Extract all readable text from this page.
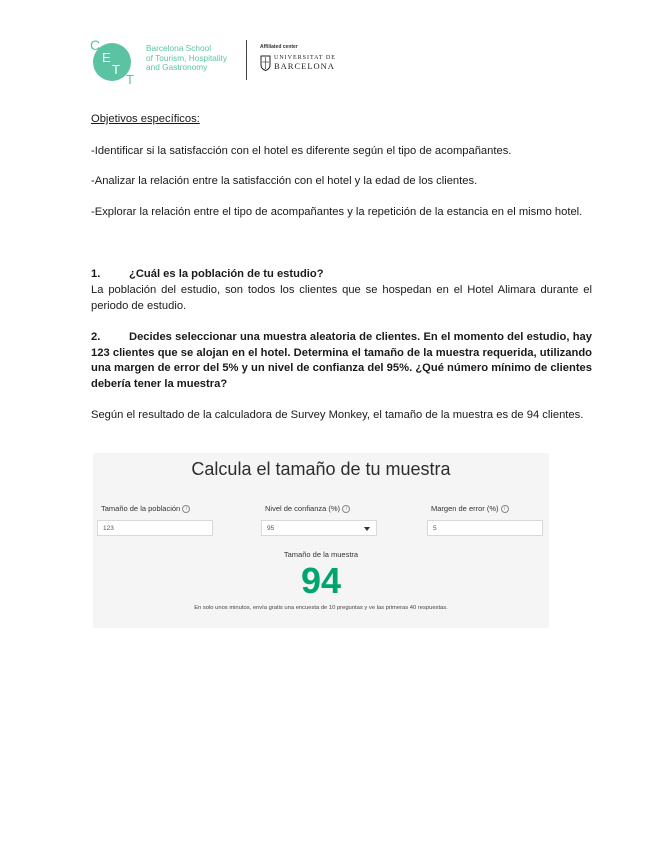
C
E
T
T
Barcelona School
of Tourism, Hospitality
and Gastronomy
Affiliated center
UNIVERSITAT DE
BARCELONA
Objetivos específicos:
-Identificar si la satisfacción con el hotel es diferente según el tipo de acompañantes.
-Analizar la relación entre la satisfacción con el hotel y la edad de los clientes.
-Explorar la relación entre el tipo de acompañantes y la repetición de la estancia en el mismo hotel.
1.	¿Cuál es la población de tu estudio?
La población del estudio, son todos los clientes que se hospedan en el Hotel Alimara durante el periodo de estudio.
2.	Decides seleccionar una muestra aleatoria de clientes. En el momento del estudio, hay 123 clientes que se alojan en el hotel. Determina el tamaño de la muestra requerida, utilizando una margen de error del 5% y un nivel de confianza del 95%. ¿Qué número mínimo de clientes debería tener la muestra?
Según el resultado de la calculadora de Survey Monkey, el tamaño de la muestra es de 94 clientes.
Calcula el tamaño de tu muestra
Tamaño de la población i
123
Nivel de confianza (%) i
95
Margen de error (%) i
5
Tamaño de la muestra
94
En solo unos minutos, envía gratis una encuesta de 10 preguntas y ve las primeras 40 respuestas.
